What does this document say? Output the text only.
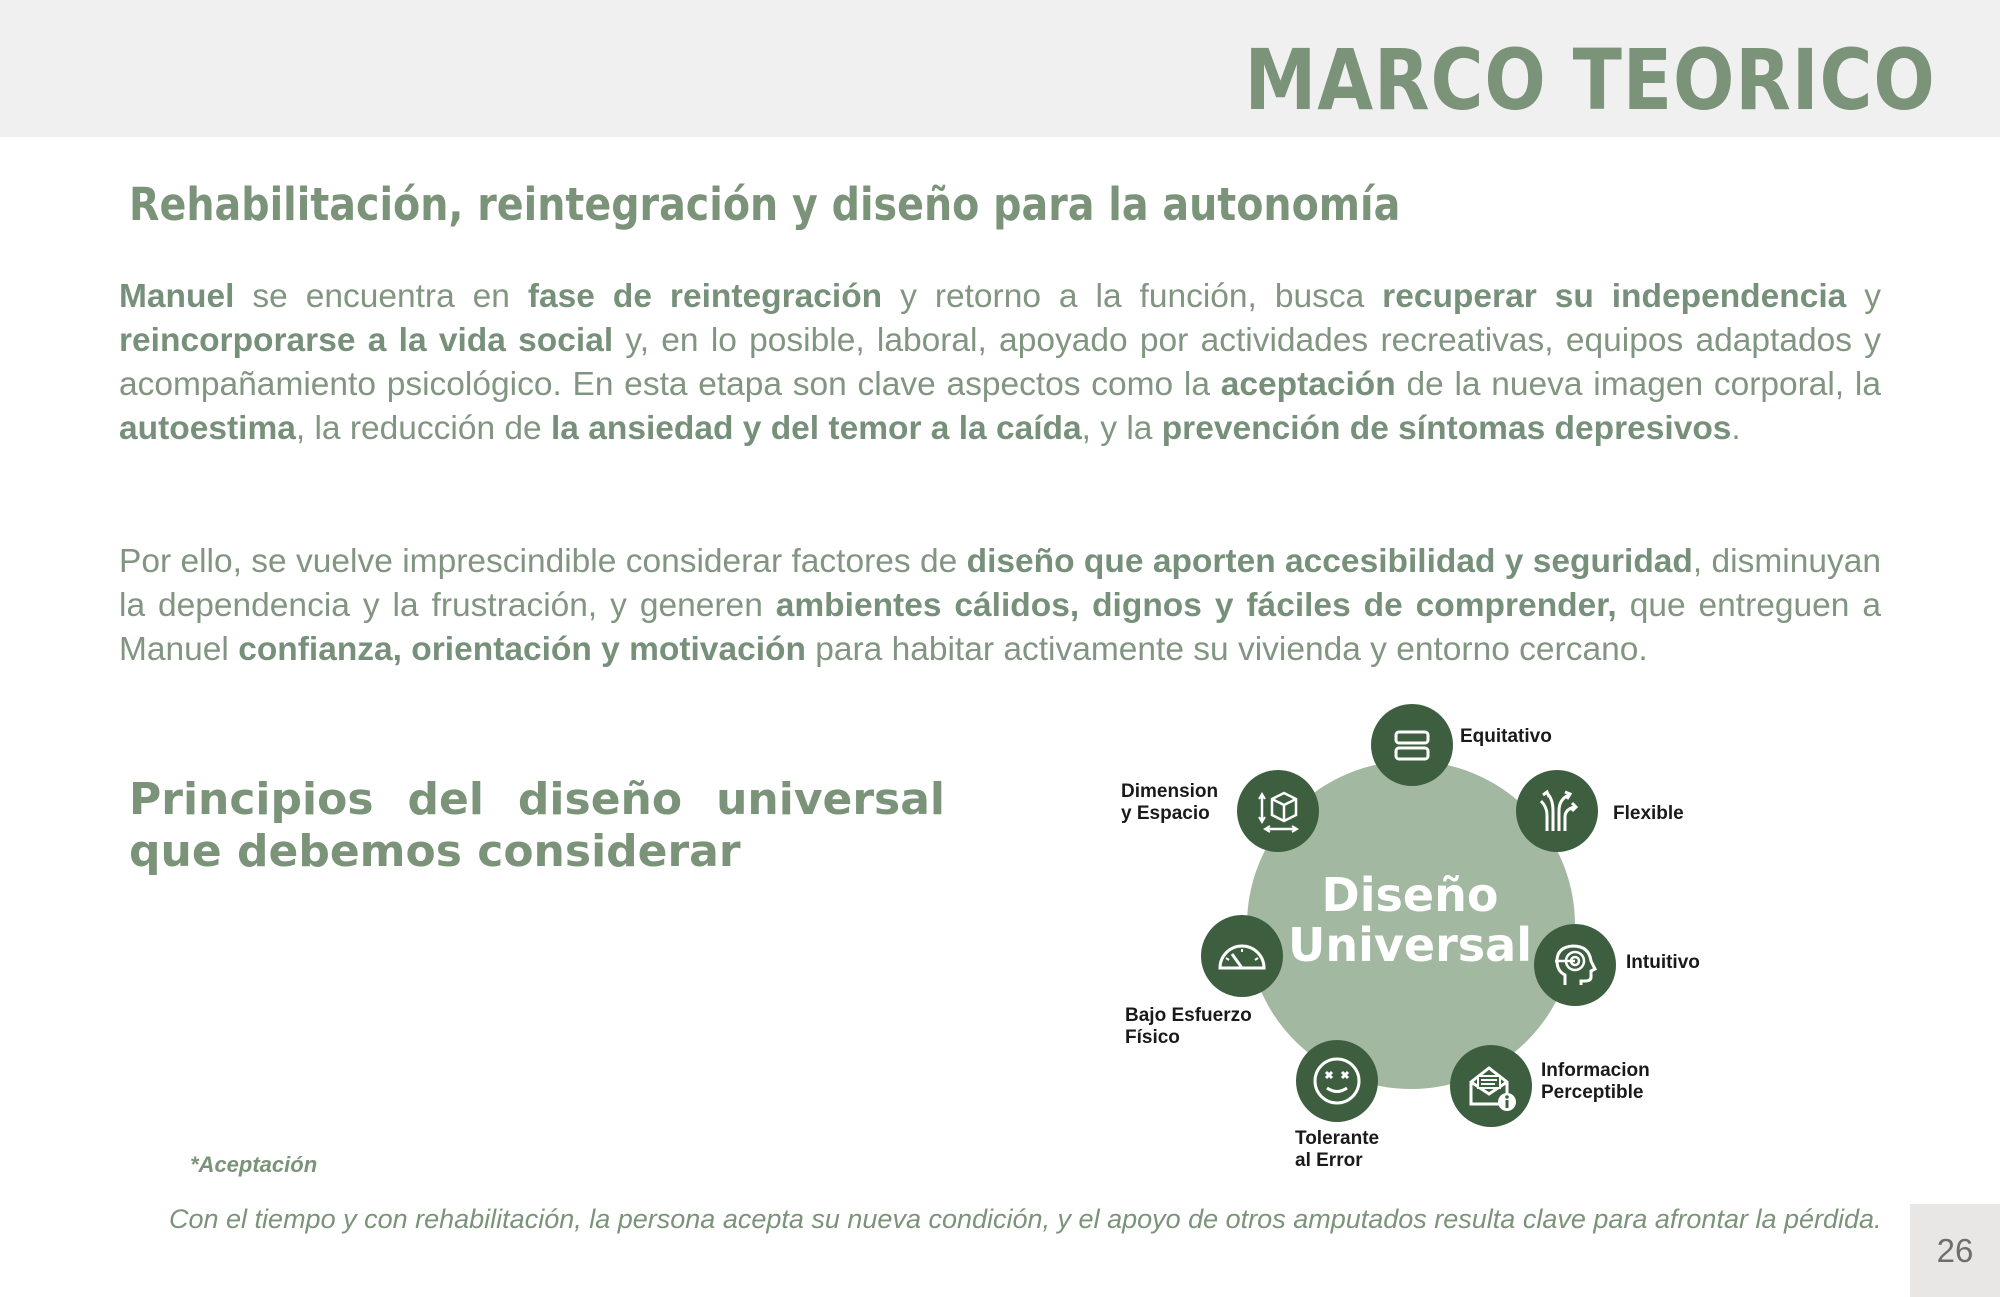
MARCO TEORICO
Rehabilitación, reintegración y diseño para la autonomía

Manuel se encuentra en fase de reintegración y retorno a la función, busca recuperar su independencia y reincorporarse a la vida social y, en lo posible, laboral, apoyado por actividades recreativas, equipos adaptados y acompañamiento psicológico. En esta etapa son clave aspectos como la aceptación de la nueva imagen corporal, la autoestima, la reducción de la ansiedad y del temor a la caída, y la prevención de síntomas depresivos.

Por ello, se vuelve imprescindible considerar factores de diseño que aporten accesibilidad y seguridad, disminuyan la dependencia y la frustración, y generen ambientes cálidos, dignos y fáciles de comprender, que entreguen a Manuel confianza, orientación y motivación para habitar activamente su vivienda y entorno cercano.

Principios del diseño universal que debemos considerar
Diseño
Universal
Equitativo
Flexible
Intuitivo
Informacion
Perceptible
Tolerante
al Error
Bajo Esfuerzo
Físico
Dimension
y Espacio
*Aceptación

Con el tiempo y con rehabilitación, la persona acepta su nueva condición, y el apoyo de otros amputados resulta clave para afrontar la pérdida.

26
